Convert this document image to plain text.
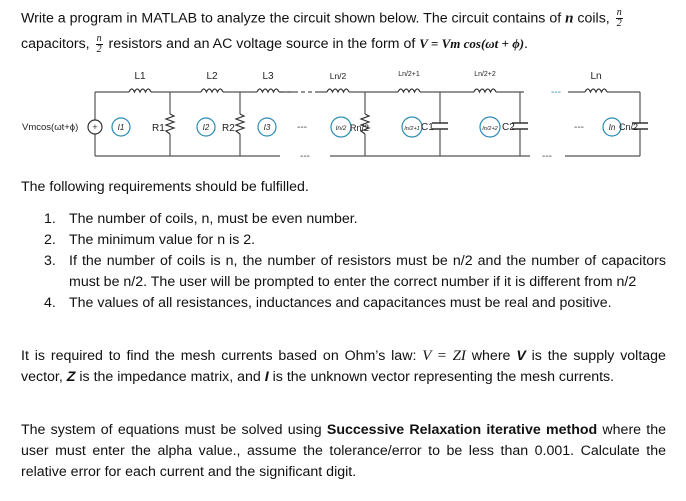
Write a program in MATLAB to analyze the circuit shown below. The circuit contains of n coils, $\frac{n}{2}$
capacitors, $\frac{n}{2}$ resistors and an AC voltage source in the form of V = Vm cos(ωt + ϕ).
+	I1	I2	I3	In/2	In/2+1	In/2+2	In
L1	L2	L3	Ln/2	Ln/2+1	Ln/2+2	Ln
R1	R2	Rn/2	C1	C2	Cn/2
Vmcos(ωt+ϕ)	---
---
---
---	---
The following requirements should be fulfilled.
1. The number of coils, n, must be even number.
2. The minimum value for n is 2.
3. If the number of coils is n, the number of resistors must be n/2 and the number of capacitors must be n/2. The user will be prompted to enter the correct number if it is different from n/2
4. The values of all resistances, inductances and capacitances must be real and positive.
It is required to find the mesh currents based on Ohm’s law: V = ZI where V is the supply voltage vector, Z is the impedance matrix, and I is the unknown vector representing the mesh currents.
The system of equations must be solved using Successive Relaxation iterative method where the user must enter the alpha value., assume the tolerance/error to be less than 0.001. Calculate the relative error for each current and the significant digit.
